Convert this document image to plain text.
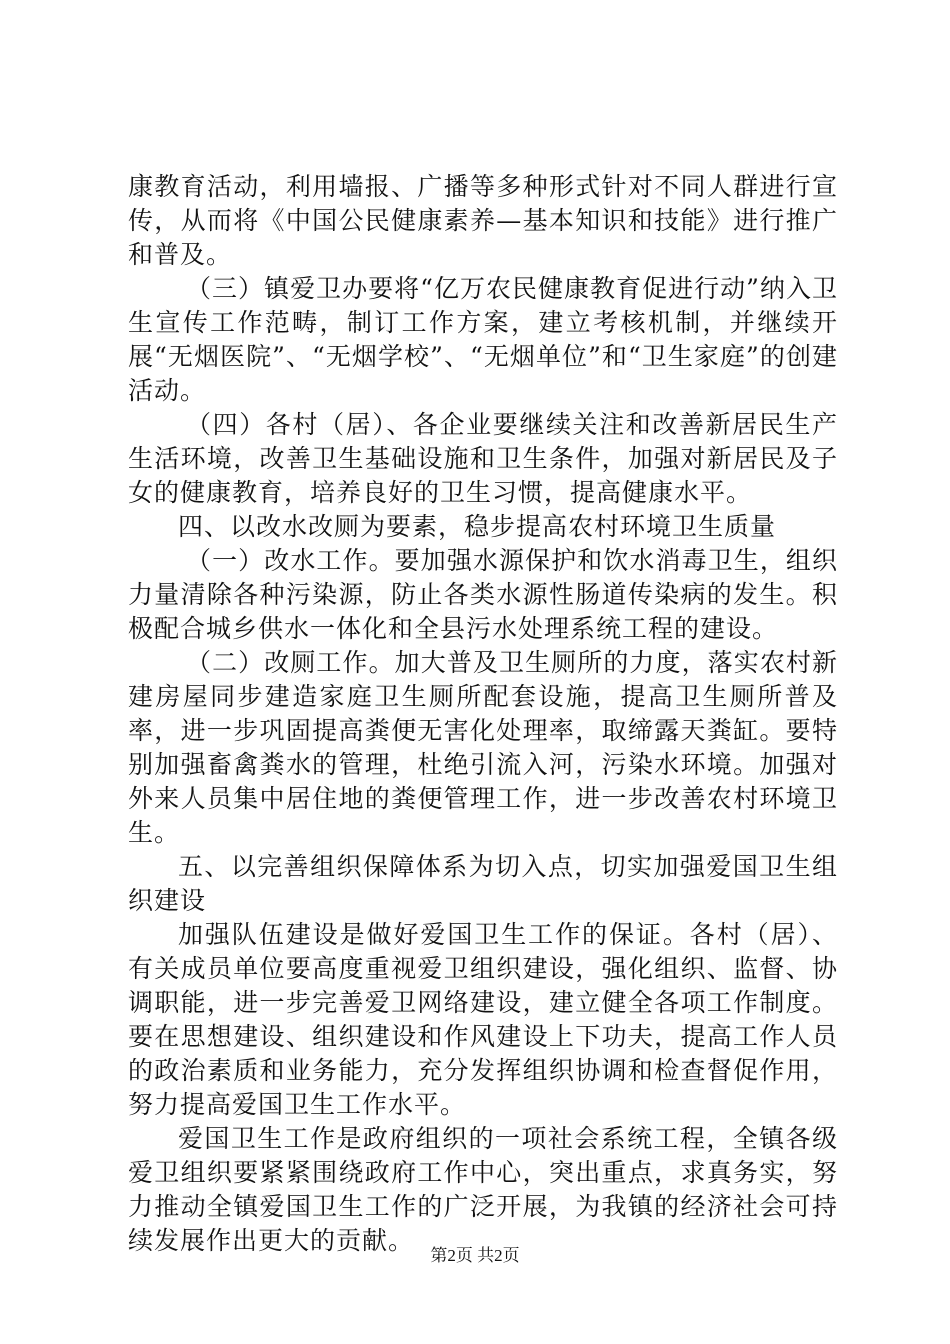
康教育活动，利用墙报、广播等多种形式针对不同人群进行宣传，从而将《中国公民健康素养—基本知识和技能》进行推广和普及。

（三）镇爱卫办要将“亿万农民健康教育促进行动”纳入卫生宣传工作范畴，制订工作方案，建立考核机制，并继续开展“无烟医院”、“无烟学校”、“无烟单位”和“卫生家庭”的创建活动。

（四）各村（居）、各企业要继续关注和改善新居民生产生活环境，改善卫生基础设施和卫生条件，加强对新居民及子女的健康教育，培养良好的卫生习惯，提高健康水平。

四、以改水改厕为要素，稳步提高农村环境卫生质量

（一）改水工作。要加强水源保护和饮水消毒卫生，组织力量清除各种污染源，防止各类水源性肠道传染病的发生。积极配合城乡供水一体化和全县污水处理系统工程的建设。

（二）改厕工作。加大普及卫生厕所的力度，落实农村新建房屋同步建造家庭卫生厕所配套设施，提高卫生厕所普及率，进一步巩固提高粪便无害化处理率，取缔露天粪缸。要特别加强畜禽粪水的管理，杜绝引流入河，污染水环境。加强对外来人员集中居住地的粪便管理工作，进一步改善农村环境卫生。

五、以完善组织保障体系为切入点，切实加强爱国卫生组织建设

加强队伍建设是做好爱国卫生工作的保证。各村（居）、有关成员单位要高度重视爱卫组织建设，强化组织、监督、协调职能，进一步完善爱卫网络建设，建立健全各项工作制度。要在思想建设、组织建设和作风建设上下功夫，提高工作人员的政治素质和业务能力，充分发挥组织协调和检查督促作用，努力提高爱国卫生工作水平。

爱国卫生工作是政府组织的一项社会系统工程，全镇各级爱卫组织要紧紧围绕政府工作中心，突出重点，求真务实，努力推动全镇爱国卫生工作的广泛开展，为我镇的经济社会可持续发展作出更大的贡献。

第2页 共2页
